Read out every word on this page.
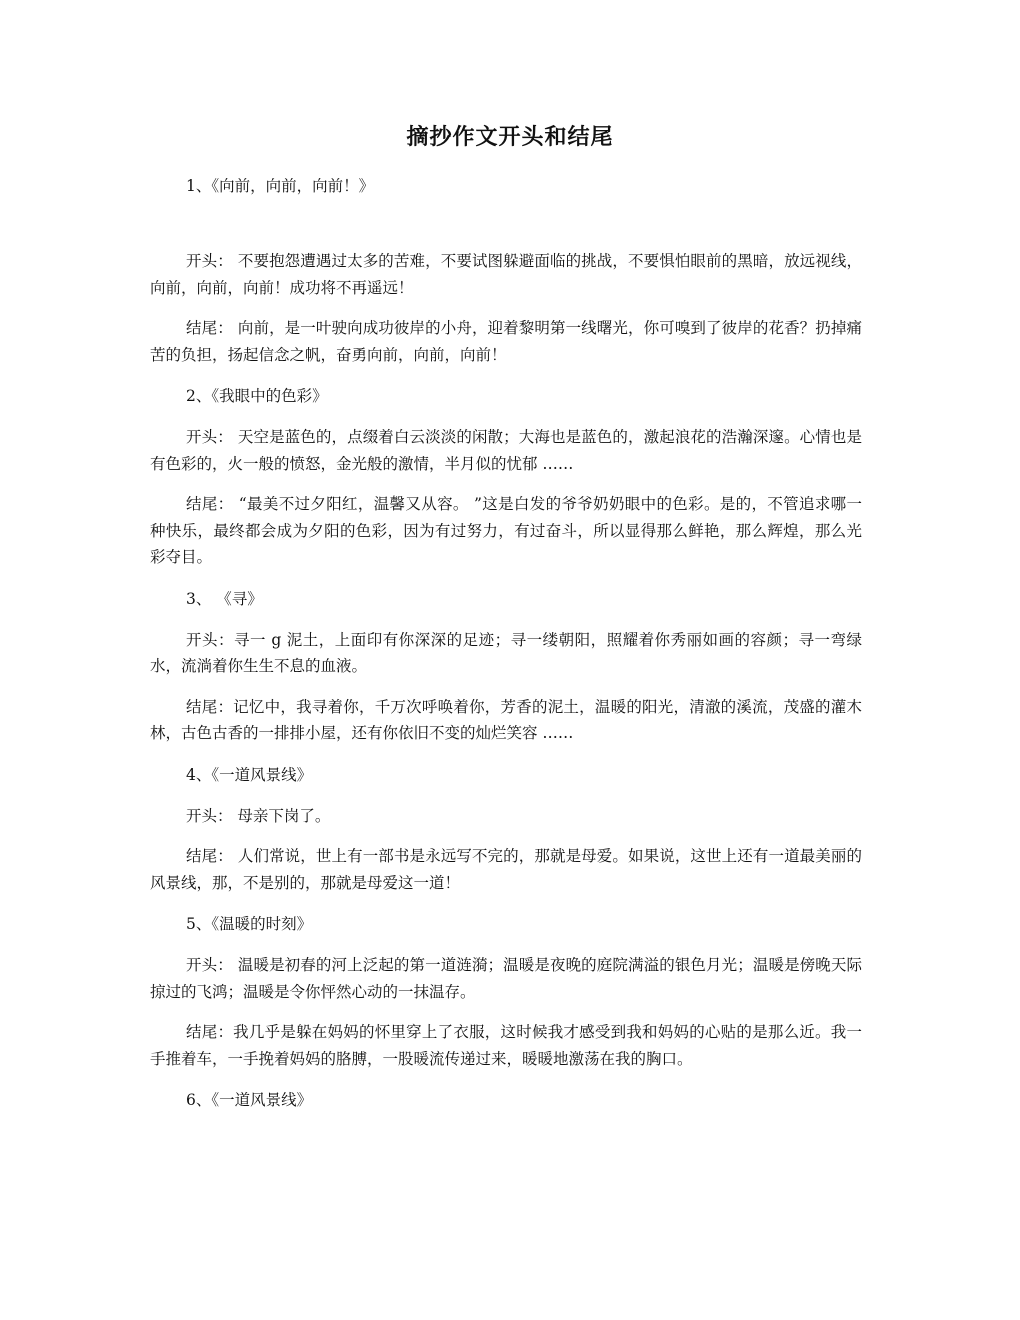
摘抄作文开头和结尾

1、《向前，向前，向前！》

开头： 不要抱怨遭遇过太多的苦难，不要试图躲避面临的挑战，不要惧怕眼前的黑暗，放远视线，向前，向前，向前！成功将不再遥远！

结尾： 向前，是一叶驶向成功彼岸的小舟，迎着黎明第一线曙光，你可嗅到了彼岸的花香？扔掉痛苦的负担，扬起信念之帆，奋勇向前，向前，向前！

2、《我眼中的色彩》

开头： 天空是蓝色的，点缀着白云淡淡的闲散；大海也是蓝色的，激起浪花的浩瀚深邃。心情也是有色彩的，火一般的愤怒，金光般的激情，半月似的忧郁 ……

结尾： “最美不过夕阳红，温馨又从容。 ”这是白发的爷爷奶奶眼中的色彩。是的，不管追求哪一种快乐，最终都会成为夕阳的色彩，因为有过努力，有过奋斗，所以显得那么鲜艳，那么辉煌，那么光彩夺目。

3、 《寻》

开头：寻一 g 泥土，上面印有你深深的足迹；寻一缕朝阳，照耀着你秀丽如画的容颜；寻一弯绿水，流淌着你生生不息的血液。

结尾：记忆中，我寻着你，千万次呼唤着你，芳香的泥土，温暖的阳光，清澈的溪流，茂盛的灌木林，古色古香的一排排小屋，还有你依旧不变的灿烂笑容 ……

4、《一道风景线》

开头： 母亲下岗了。

结尾： 人们常说，世上有一部书是永远写不完的，那就是母爱。如果说，这世上还有一道最美丽的风景线，那，不是别的，那就是母爱这一道！

5、《温暖的时刻》

开头： 温暖是初春的河上泛起的第一道涟漪；温暖是夜晚的庭院满溢的银色月光；温暖是傍晚天际掠过的飞鸿；温暖是令你怦然心动的一抹温存。

结尾：我几乎是躲在妈妈的怀里穿上了衣服，这时候我才感受到我和妈妈的心贴的是那么近。我一手推着车，一手挽着妈妈的胳膊，一股暖流传递过来，暖暖地激荡在我的胸口。

6、《一道风景线》
